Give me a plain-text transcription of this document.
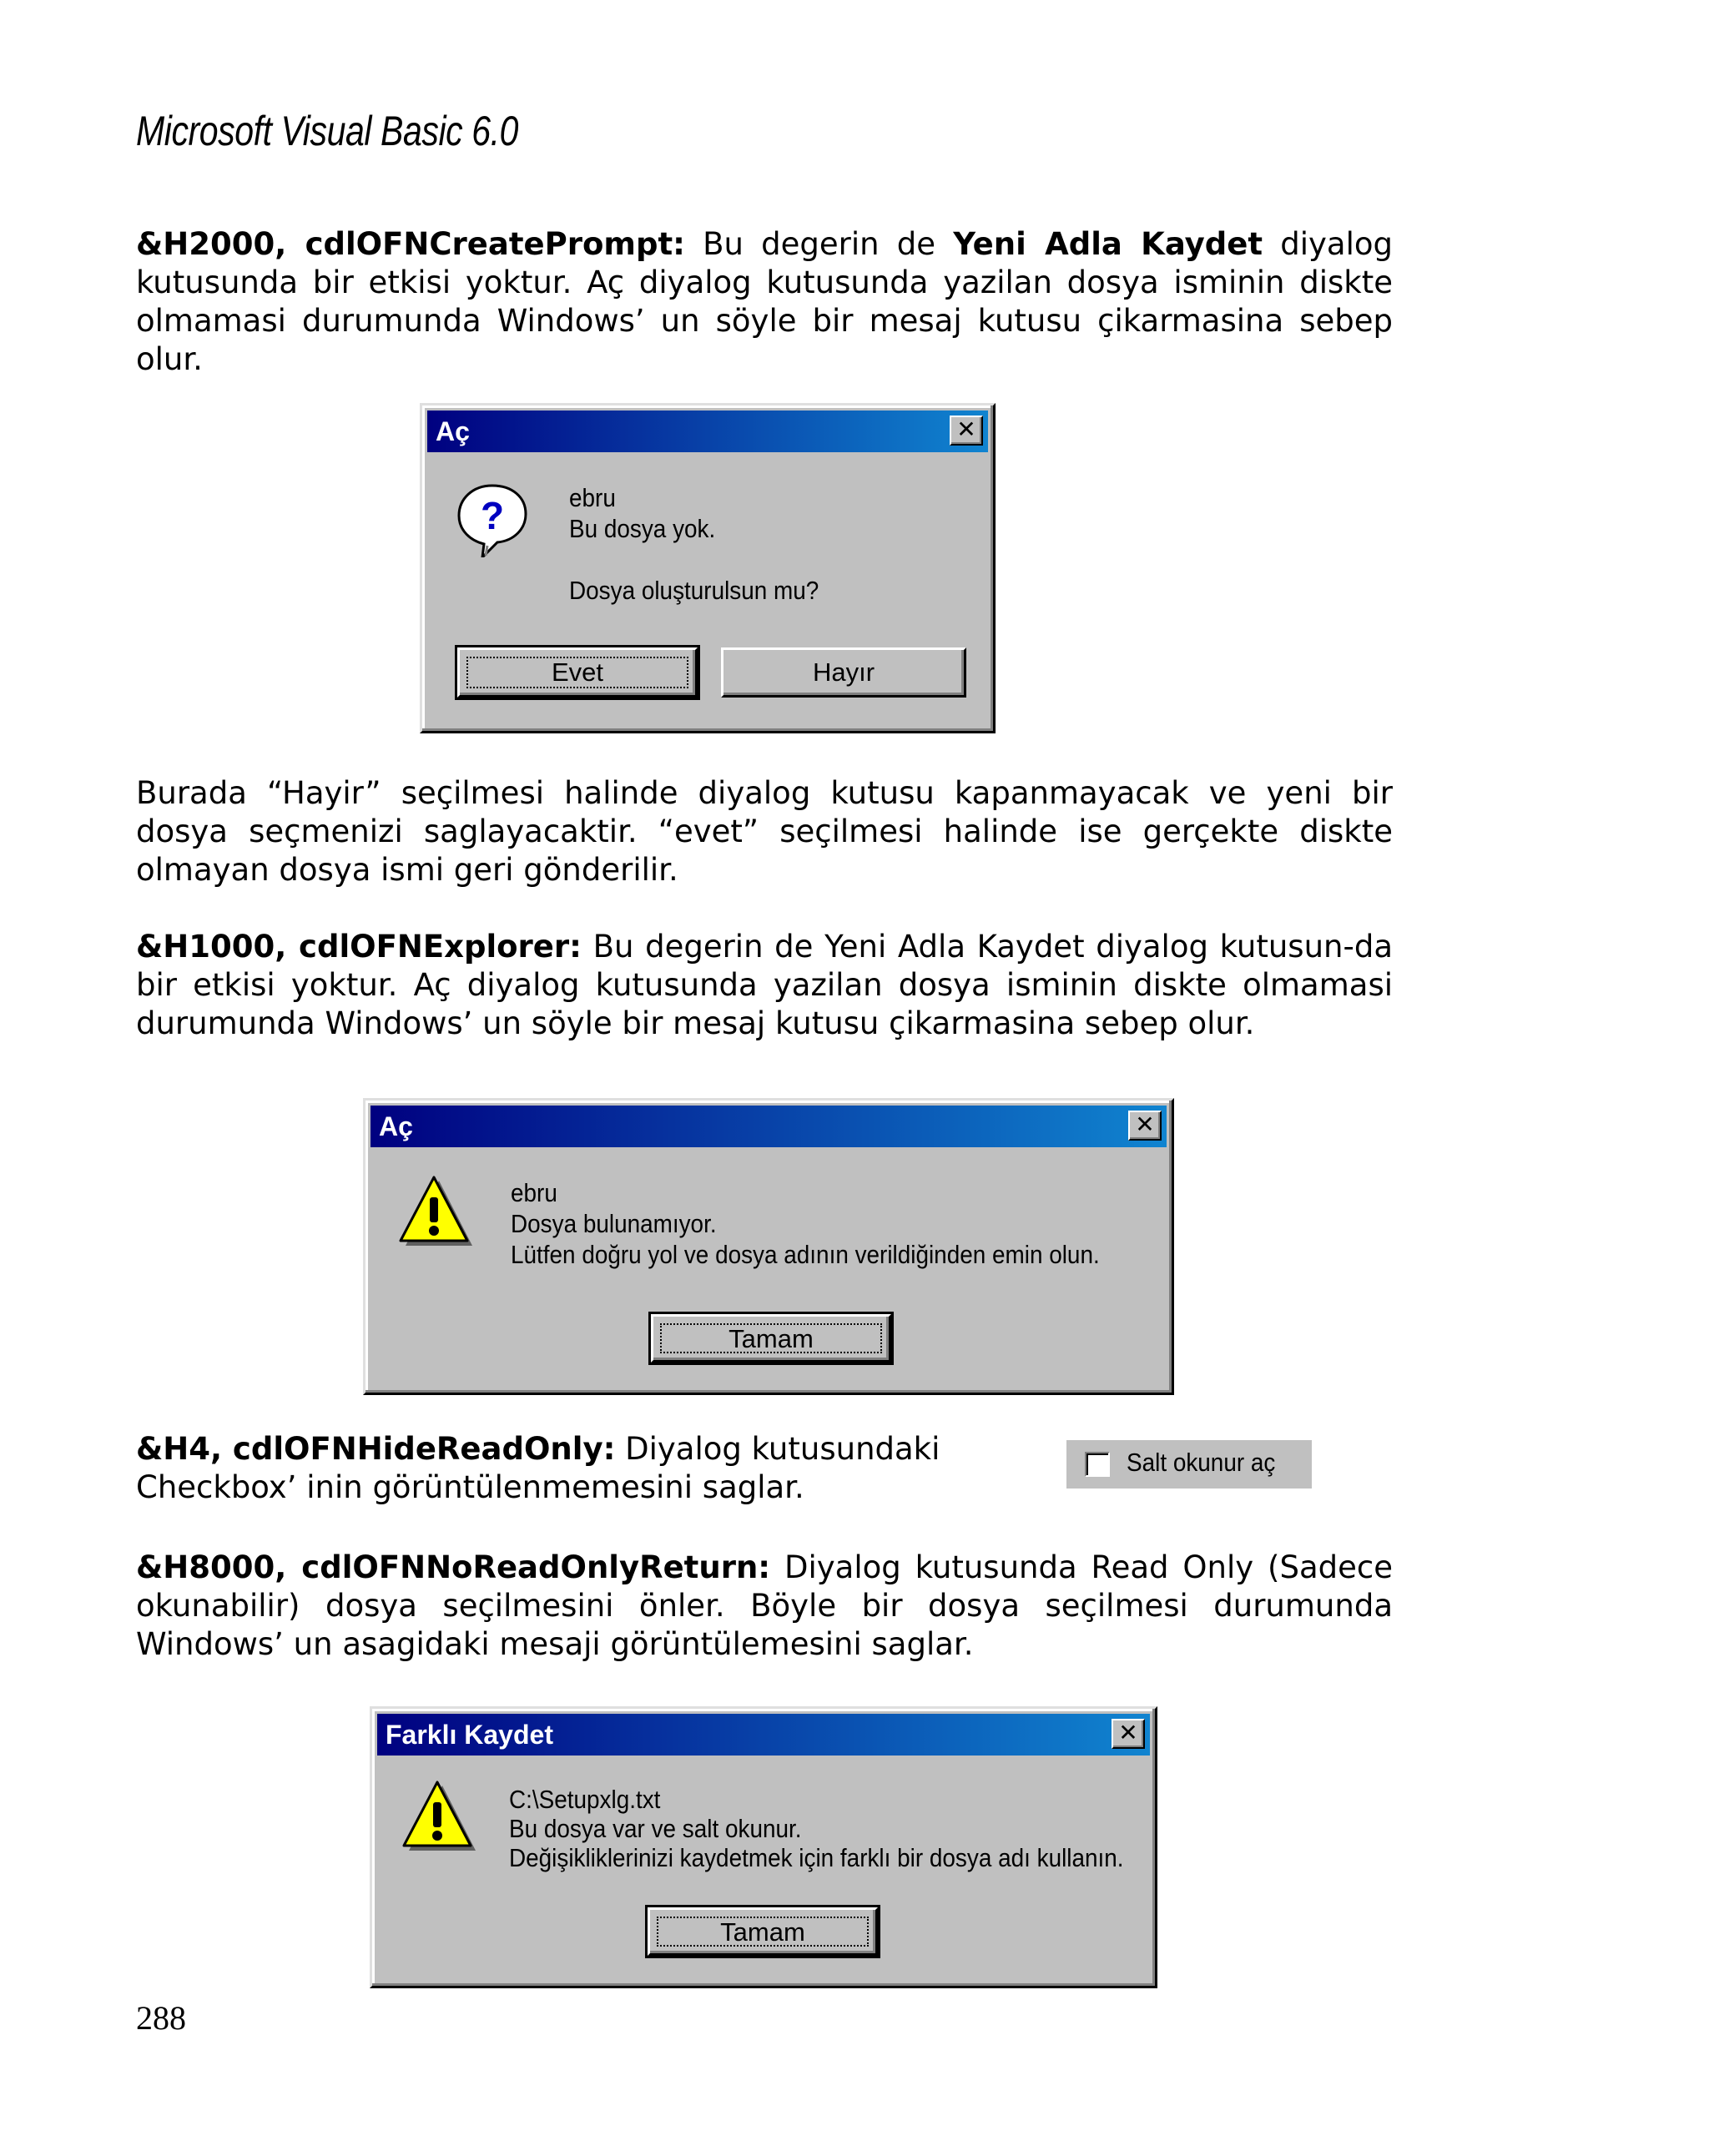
Microsoft Visual Basic 6.0
&H2000, cdlOFNCreatePrompt: Bu degerin de Yeni Adla Kaydet diyalog kutusunda bir etkisi yoktur. Aç diyalog kutusunda yazilan dosya isminin diskte olmamasi durumunda Windows’ un söyle bir mesaj kutusu çikarmasina sebep olur.
Aç	✕
?	ebru
Bu dosya yok.
Dosya oluşturulsun mu?
Evet	Hayır
Burada “Hayir” seçilmesi halinde diyalog kutusu kapanmayacak ve yeni bir dosya seçmenizi saglayacaktir. “evet” seçilmesi halinde ise gerçekte diskte olmayan dosya ismi geri gönderilir.
&H1000, cdlOFNExplorer: Bu degerin de Yeni Adla Kaydet diyalog kutusun-da bir etkisi yoktur. Aç diyalog kutusunda yazilan dosya isminin diskte olmamasi durumunda Windows’ un söyle bir mesaj kutusu çikarmasina sebep olur.
Aç	✕
ebru
Dosya bulunamıyor.
Lütfen doğru yol ve dosya adının verildiğinden emin olun.
Tamam
&H4, cdlOFNHideReadOnly: Diyalog kutusundaki Checkbox’ inin görüntülenmemesini saglar.
Salt okunur aç
&H8000, cdlOFNNoReadOnlyReturn: Diyalog kutusunda Read Only (Sadece okunabilir) dosya seçilmesini önler. Böyle bir dosya seçilmesi durumunda Windows’ un asagidaki mesaji görüntülemesini saglar.
Farklı Kaydet	✕
C:\Setupxlg.txt
Bu dosya var ve salt okunur.
Değişikliklerinizi kaydetmek için farklı bir dosya adı kullanın.
Tamam
288
